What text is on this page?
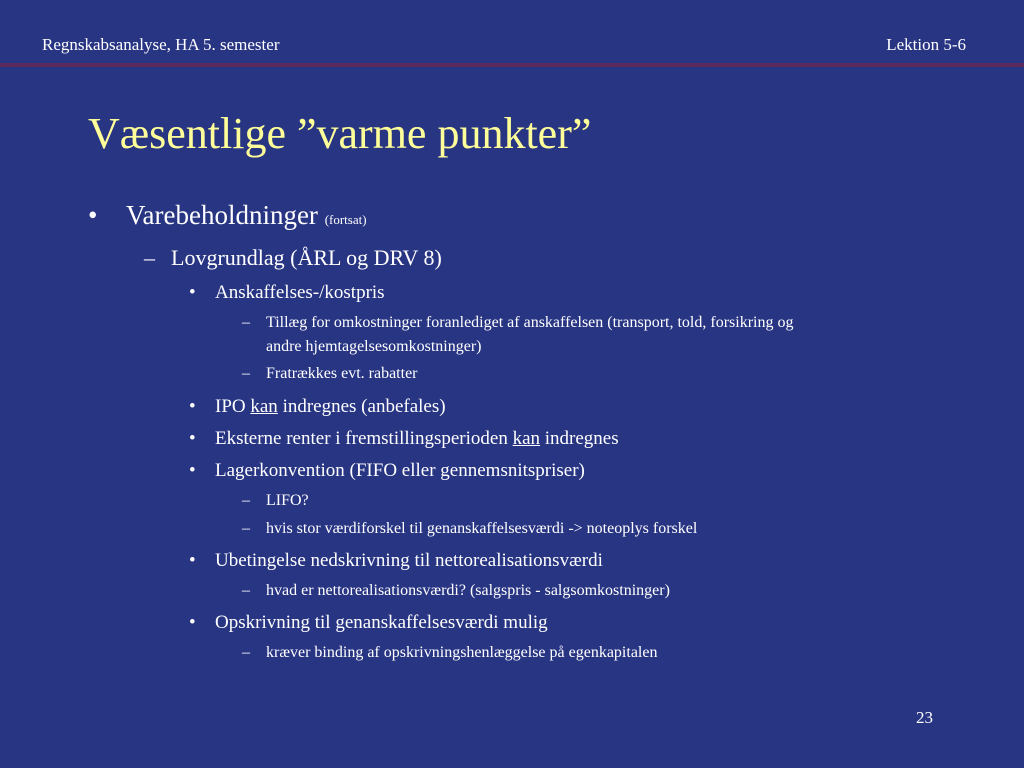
Regnskabsanalyse, HA 5. semester	Lektion 5-6
Væsentlige ”varme punkter”
• Varebeholdninger (fortsat)
– Lovgrundlag (ÅRL og DRV 8)
• Anskaffelses-/kostpris
– Tillæg for omkostninger foranlediget af anskaffelsen (transport, told, forsikring og
andre hjemtagelsesomkostninger)
– Fratrækkes evt. rabatter
• IPO kan indregnes (anbefales)
• Eksterne renter i fremstillingsperioden kan indregnes
• Lagerkonvention (FIFO eller gennemsnitspriser)
– LIFO?
– hvis stor værdiforskel til genanskaffelsesværdi -> noteoplys forskel
• Ubetingelse nedskrivning til nettorealisationsværdi
– hvad er nettorealisationsværdi? (salgspris - salgsomkostninger)
• Opskrivning til genanskaffelsesværdi mulig
– kræver binding af opskrivningshenlæggelse på egenkapitalen
23
